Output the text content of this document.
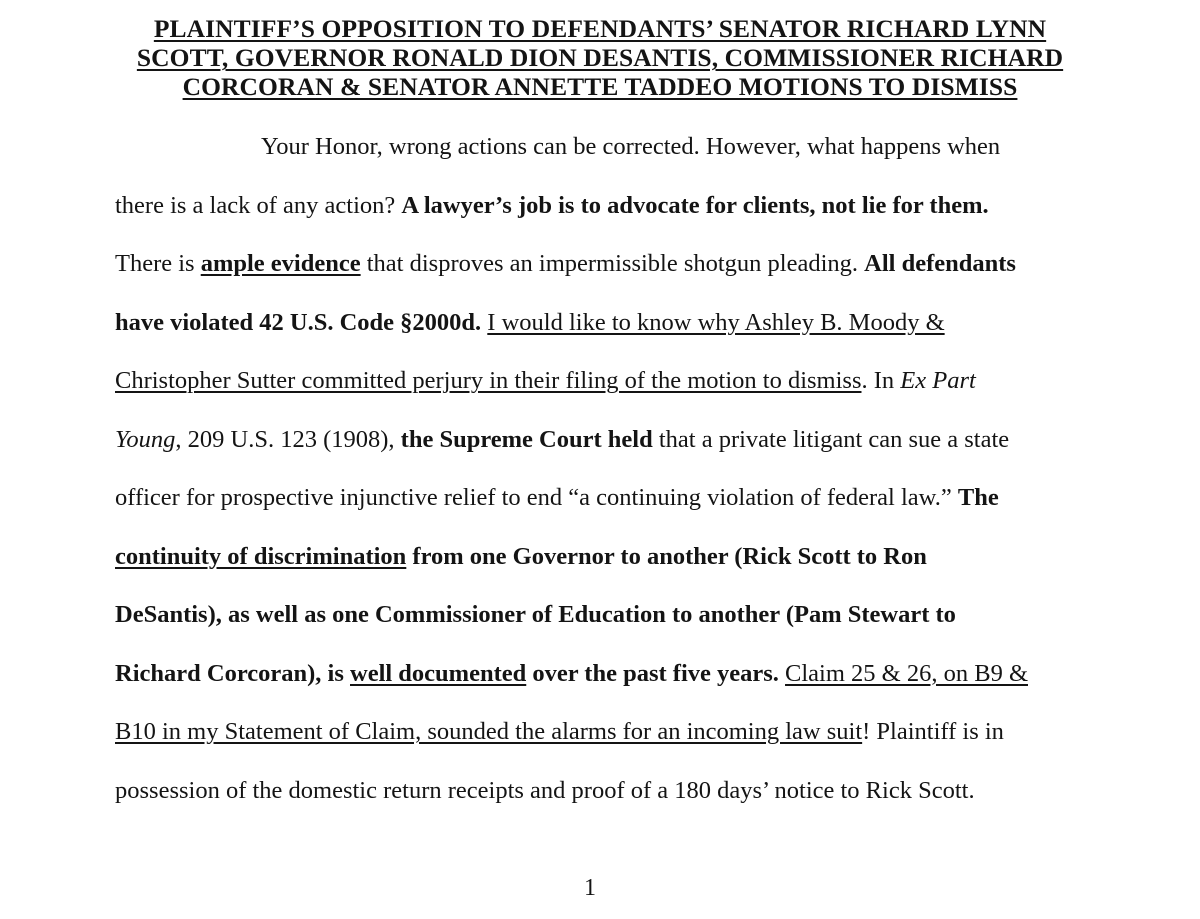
PLAINTIFF’S OPPOSITION TO DEFENDANTS’ SENATOR RICHARD LYNN
SCOTT, GOVERNOR RONALD DION DESANTIS, COMMISSIONER RICHARD
CORCORAN & SENATOR ANNETTE TADDEO MOTIONS TO DISMISS
Your Honor, wrong actions can be corrected. However, what happens when
there is a lack of any action? A lawyer’s job is to advocate for clients, not lie for them.
There is ample evidence that disproves an impermissible shotgun pleading. All defendants
have violated 42 U.S. Code §2000d. I would like to know why Ashley B. Moody &
Christopher Sutter committed perjury in their filing of the motion to dismiss. In Ex Part
Young, 209 U.S. 123 (1908), the Supreme Court held that a private litigant can sue a state
officer for prospective injunctive relief to end “a continuing violation of federal law.” The
continuity of discrimination from one Governor to another (Rick Scott to Ron
DeSantis), as well as one Commissioner of Education to another (Pam Stewart to
Richard Corcoran), is well documented over the past five years. Claim 25 & 26, on B9 &
B10 in my Statement of Claim, sounded the alarms for an incoming law suit! Plaintiff is in
possession of the domestic return receipts and proof of a 180 days’ notice to Rick Scott.
1
